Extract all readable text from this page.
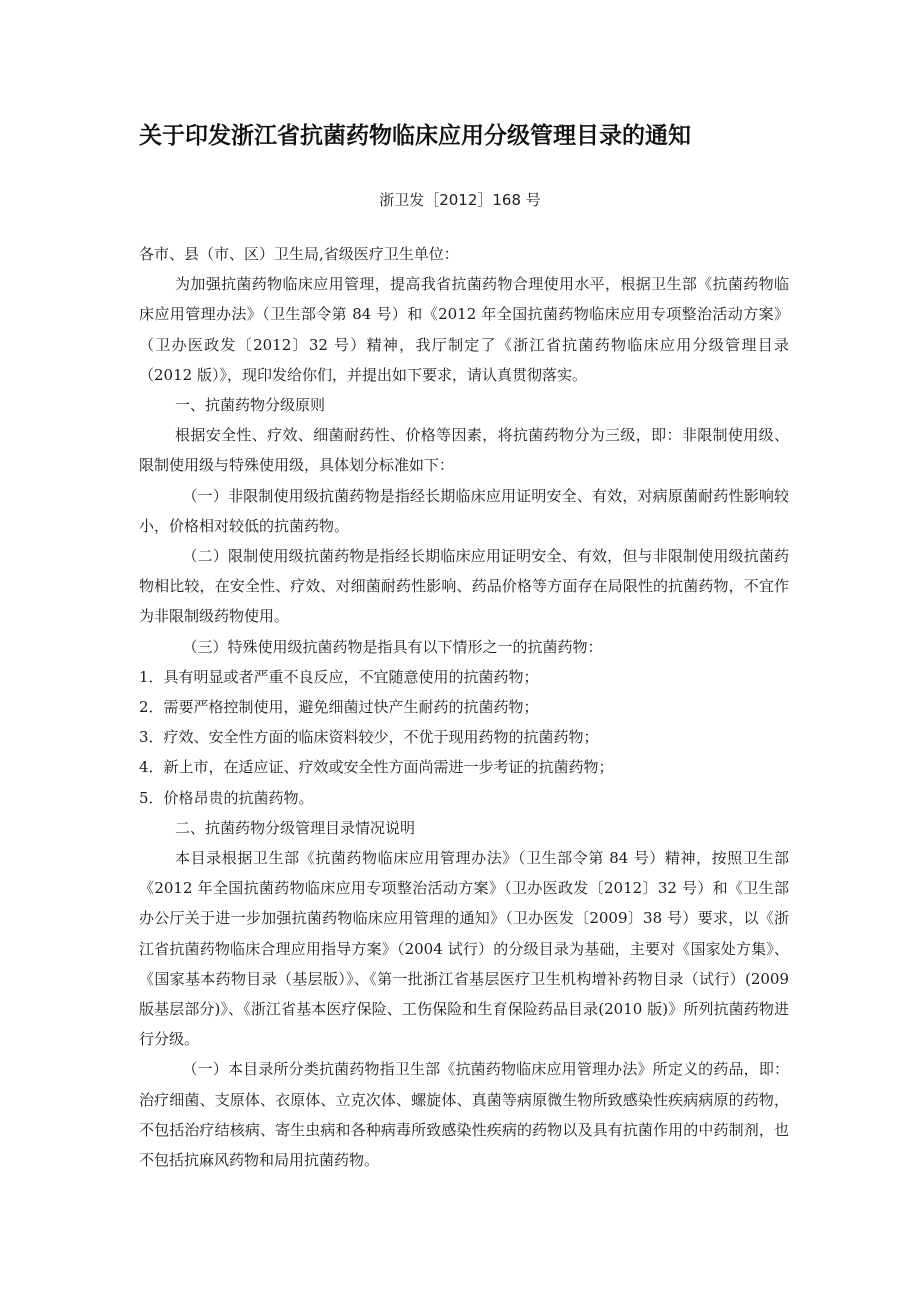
关于印发浙江省抗菌药物临床应用分级管理目录的通知
浙卫发［2012］168 号

各市、县（市、区）卫生局,省级医疗卫生单位：

为加强抗菌药物临床应用管理，提高我省抗菌药物合理使用水平，根据卫生部《抗菌药物临床应用管理办法》（卫生部令第 84 号）和《2012 年全国抗菌药物临床应用专项整治活动方案》（卫办医政发〔2012〕32 号）精神，我厅制定了《浙江省抗菌药物临床应用分级管理目录（2012 版）》，现印发给你们，并提出如下要求，请认真贯彻落实。

一、抗菌药物分级原则

根据安全性、疗效、细菌耐药性、价格等因素，将抗菌药物分为三级，即：非限制使用级、限制使用级与特殊使用级，具体划分标准如下：

（一）非限制使用级抗菌药物是指经长期临床应用证明安全、有效，对病原菌耐药性影响较小，价格相对较低的抗菌药物。

（二）限制使用级抗菌药物是指经长期临床应用证明安全、有效，但与非限制使用级抗菌药物相比较，在安全性、疗效、对细菌耐药性影响、药品价格等方面存在局限性的抗菌药物，不宜作为非限制级药物使用。

（三）特殊使用级抗菌药物是指具有以下情形之一的抗菌药物：

1．具有明显或者严重不良反应，不宜随意使用的抗菌药物；

2．需要严格控制使用，避免细菌过快产生耐药的抗菌药物；

3．疗效、安全性方面的临床资料较少，不优于现用药物的抗菌药物；

4．新上市，在适应证、疗效或安全性方面尚需进一步考证的抗菌药物；

5．价格昂贵的抗菌药物。

二、抗菌药物分级管理目录情况说明

本目录根据卫生部《抗菌药物临床应用管理办法》（卫生部令第 84 号）精神，按照卫生部《2012 年全国抗菌药物临床应用专项整治活动方案》（卫办医政发〔2012〕32 号）和《卫生部办公厅关于进一步加强抗菌药物临床应用管理的通知》（卫办医发〔2009〕38 号）要求，以《浙江省抗菌药物临床合理应用指导方案》（2004 试行）的分级目录为基础，主要对《国家处方集》、《国家基本药物目录（基层版）》、《第一批浙江省基层医疗卫生机构增补药物目录（试行）(2009 版基层部分)》、《浙江省基本医疗保险、工伤保险和生育保险药品目录(2010 版)》所列抗菌药物进行分级。

（一）本目录所分类抗菌药物指卫生部《抗菌药物临床应用管理办法》所定义的药品，即：治疗细菌、支原体、衣原体、立克次体、螺旋体、真菌等病原微生物所致感染性疾病病原的药物，不包括治疗结核病、寄生虫病和各种病毒所致感染性疾病的药物以及具有抗菌作用的中药制剂，也不包括抗麻风药物和局用抗菌药物。
